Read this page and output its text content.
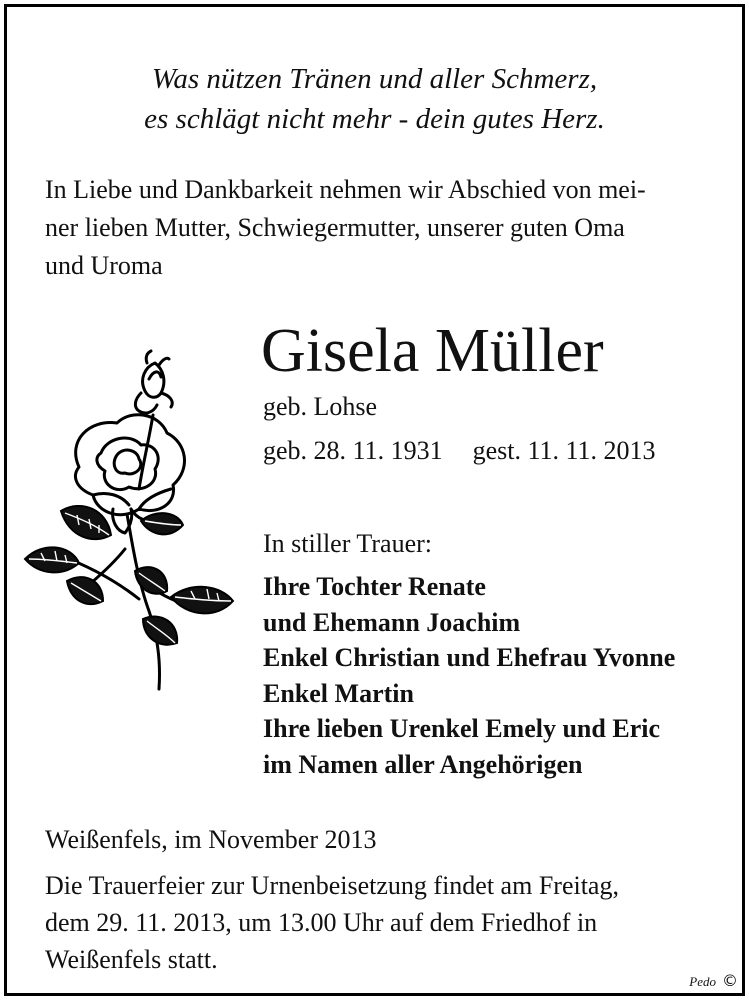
Was nützen Tränen und aller Schmerz,
es schlägt nicht mehr - dein gutes Herz.
In Liebe und Dankbarkeit nehmen wir Abschied von mei-
ner lieben Mutter, Schwiegermutter, unserer guten Oma
und Uroma
Gisela Müller
geb. Lohse
geb. 28. 11. 1931 gest. 11. 11. 2013
In stiller Trauer:
Ihre Tochter Renate
und Ehemann Joachim
Enkel Christian und Ehefrau Yvonne
Enkel Martin
Ihre lieben Urenkel Emely und Eric
im Namen aller Angehörigen
Weißenfels, im November 2013
Die Trauerfeier zur Urnenbeisetzung findet am Freitag,
dem 29. 11. 2013, um 13.00 Uhr auf dem Friedhof in
Weißenfels statt.
Pedo ©
